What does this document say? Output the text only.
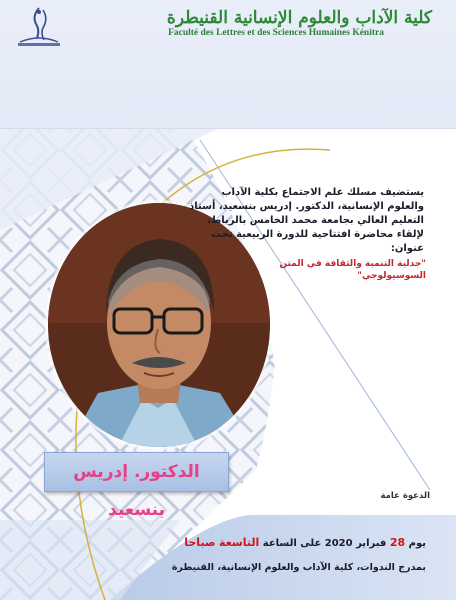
كلية الآداب والعلوم الإنسانية القنيطرة
Faculté des Lettres et des Sciences Humaines Kénitra
يستضيف مسلك علم الاجتماع بكلية الآداب والعلوم الإنسانية، الدكتور. إدريس بنسعيد، أستاذ التعليم العالي بجامعة محمد الخامس بالرباط، لإلقاء محاضرة افتتاحية للدورة الربيعية تحت عنوان:
"جدلية التنمية والثقافة في المتن السوسيولوجي"
الدكتور. إدريس بنسعيد
الدعوة عامة
يوم 28 فبراير 2020 على الساعة التاسعة صباحا
بمدرج الندوات، كلية الآداب والعلوم الإنسانية، القنيطرة
